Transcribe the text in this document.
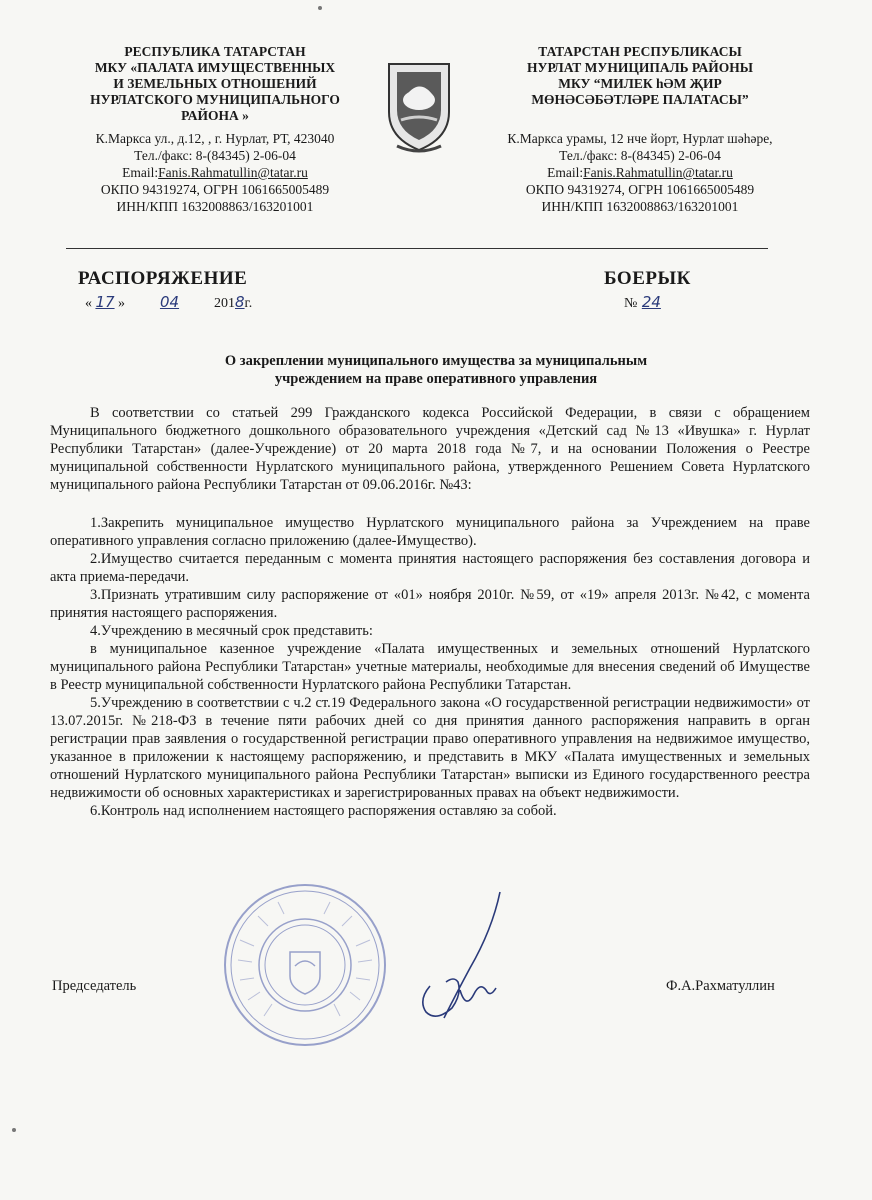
РЕСПУБЛИКА ТАТАРСТАН
МКУ «ПАЛАТА ИМУЩЕСТВЕННЫХ
И ЗЕМЕЛЬНЫХ ОТНОШЕНИЙ
НУРЛАТСКОГО МУНИЦИПАЛЬНОГО
РАЙОНА »
К.Маркса ул., д.12, , г. Нурлат, РТ, 423040
Тел./факс: 8-(84345) 2-06-04
Email:Fanis.Rahmatullin@tatar.ru
ОКПО 94319274, ОГРН 1061665005489
ИНН/КПП 1632008863/163201001
ТАТАРСТАН РЕСПУБЛИКАСЫ
НУРЛАТ МУНИЦИПАЛЬ РАЙОНЫ
МКУ “МИЛЕК hӘМ ҖИР
МӨНӘСӘБӘТЛӘРЕ ПАЛАТАСЫ”
К.Маркса урамы, 12 нче йорт, Нурлат шәһәре,
Тел./факс: 8-(84345) 2-06-04
Email:Fanis.Rahmatullin@tatar.ru
ОКПО 94319274, ОГРН 1061665005489
ИНН/КПП 1632008863/163201001
РАСПОРЯЖЕНИЕ	БОЕРЫК
« 17 » 04 2018г.	№ 24
О закреплении муниципального имущества за муниципальным
учреждением на праве оперативного управления

В соответствии со статьей 299 Гражданского кодекса Российской Федерации, в связи с обращением Муниципального бюджетного дошкольного образовательного учреждения «Детский сад №13 «Ивушка» г. Нурлат Республики Татарстан» (далее-Учреждение) от 20 марта 2018 года №7, и на основании Положения о Реестре муниципальной собственности Нурлатского муниципального района, утвержденного Решением Совета Нурлатского муниципального района Республики Татарстан от 09.06.2016г. №43:

1.Закрепить муниципальное имущество Нурлатского муниципального района за Учреждением на праве оперативного управления согласно приложению (далее-Имущество).

2.Имущество считается переданным с момента принятия настоящего распоряжения без составления договора и акта приема-передачи.

3.Признать утратившим силу распоряжение от «01» ноября 2010г. №59, от «19» апреля 2013г. №42, с момента принятия настоящего распоряжения.

4.Учреждению в месячный срок представить:

в муниципальное казенное учреждение «Палата имущественных и земельных отношений Нурлатского муниципального района Республики Татарстан» учетные материалы, необходимые для внесения сведений об Имуществе в Реестр муниципальной собственности Нурлатского района Республики Татарстан.

5.Учреждению в соответствии с ч.2 ст.19 Федерального закона «О государственной регистрации недвижимости» от 13.07.2015г. №218-ФЗ в течение пяти рабочих дней со дня принятия данного распоряжения направить в орган регистрации прав заявления о государственной регистрации право оперативного управления на недвижимое имущество, указанное в приложении к настоящему распоряжению, и представить в МКУ «Палата имущественных и земельных отношений Нурлатского муниципального района Республики Татарстан» выписки из Единого государственного реестра недвижимости об основных характеристиках и зарегистрированных правах на объект недвижимости.

6.Контроль над исполнением настоящего распоряжения оставляю за собой.

Председатель	Ф.А.Рахматуллин
